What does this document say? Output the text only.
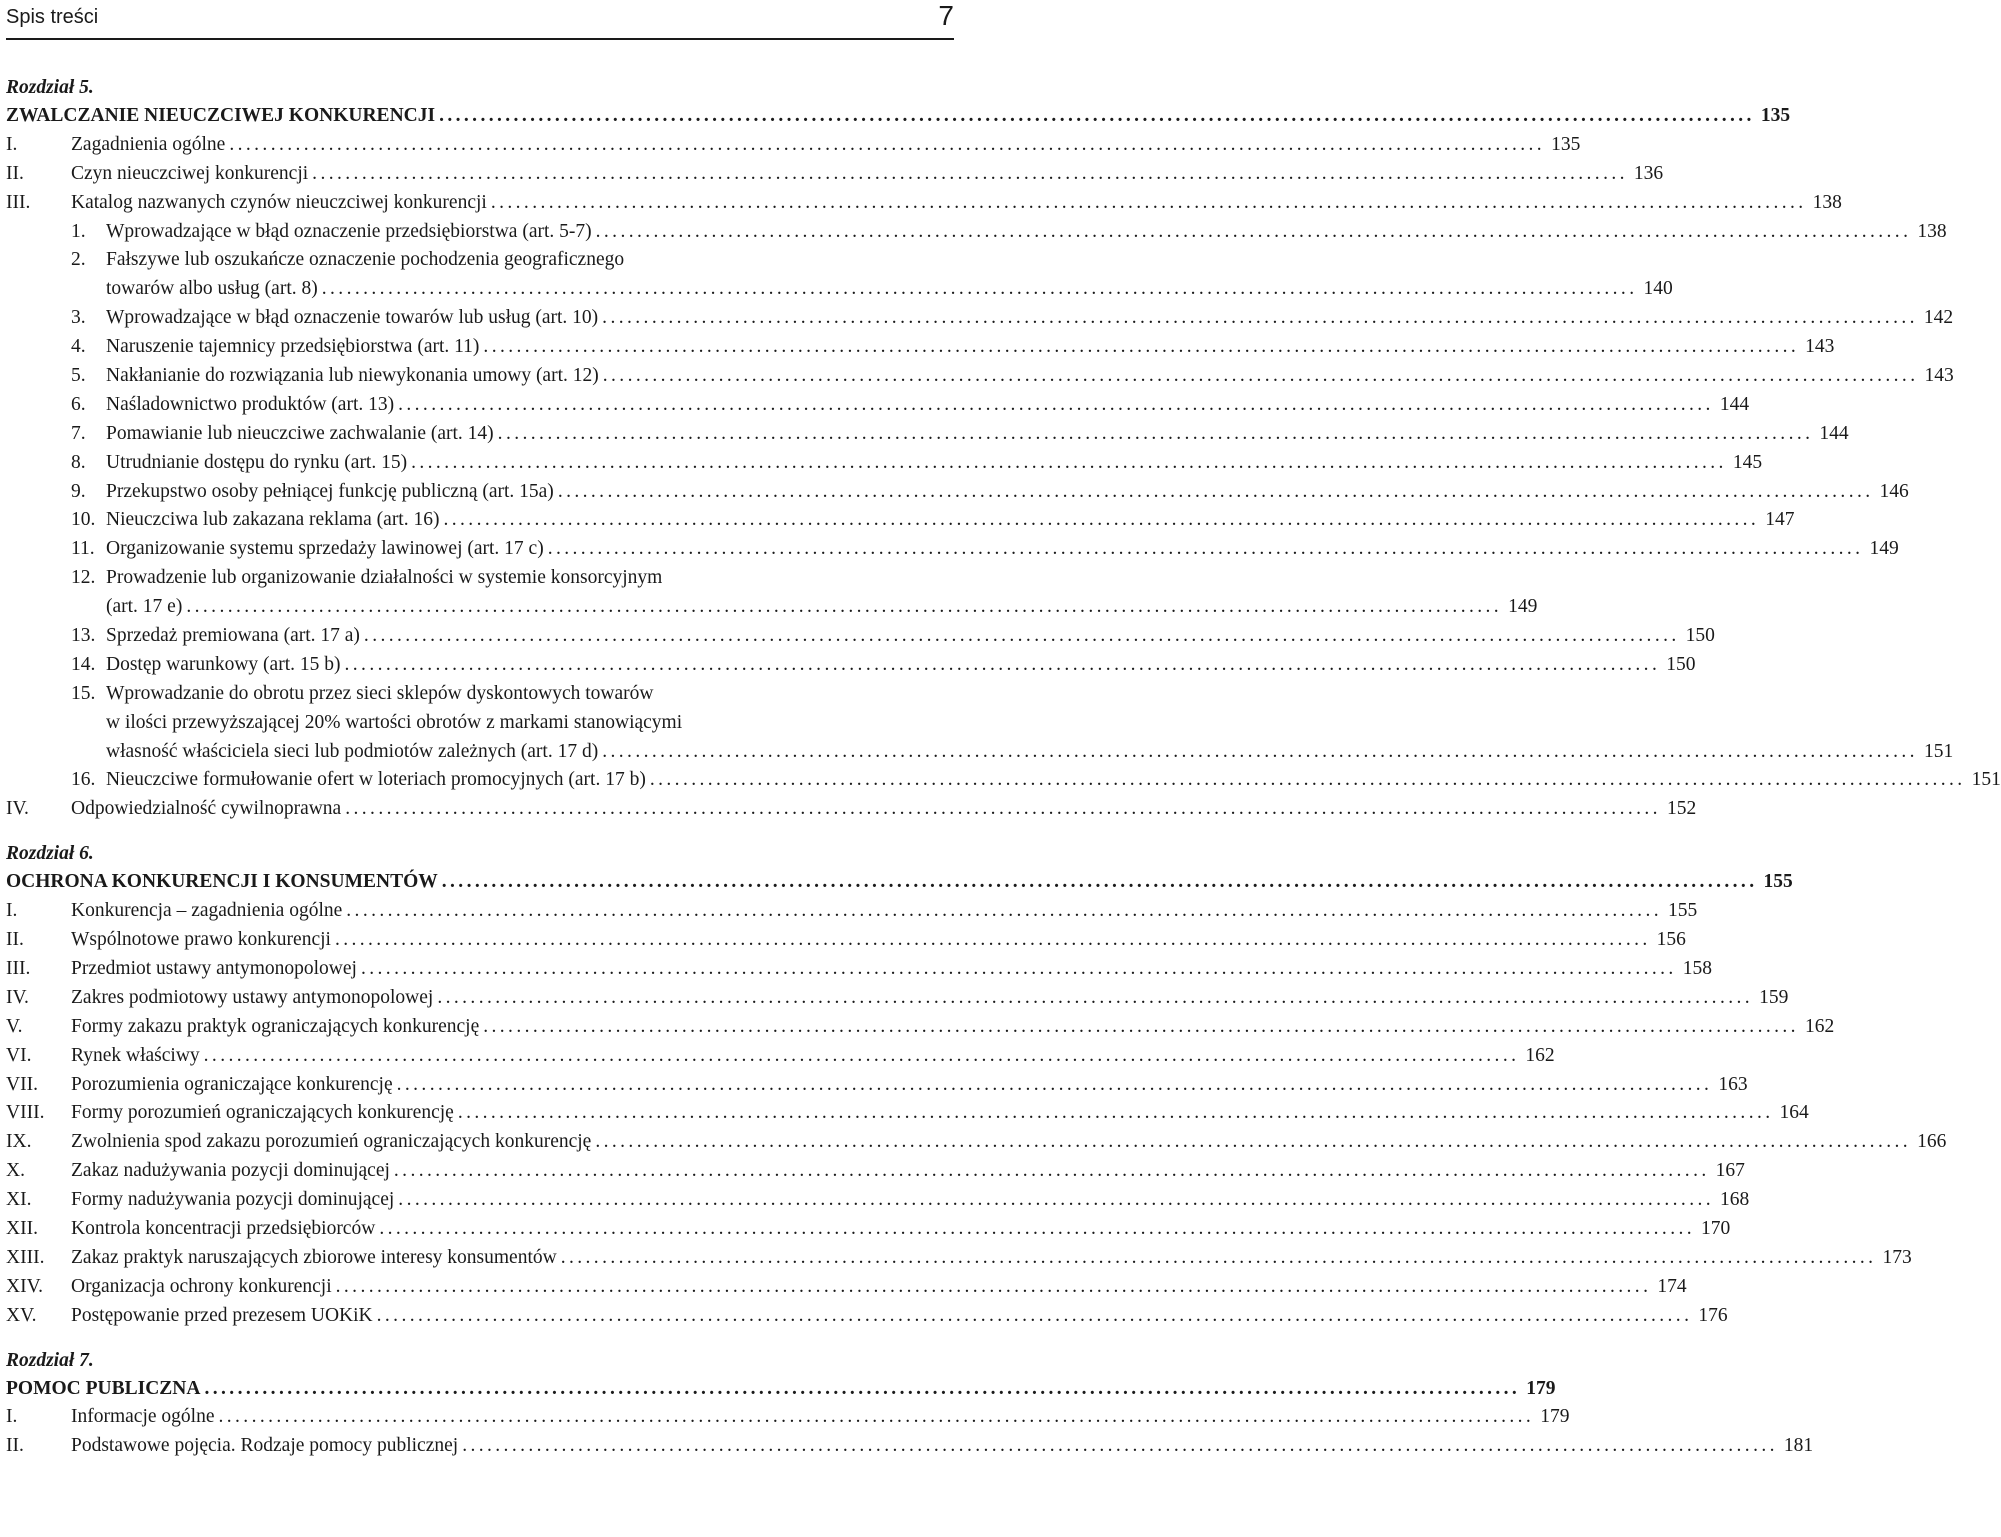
Spis treści	7
Rozdział 5.
ZWALCZANIE NIEUCZCIWEJ KONKURENCJI .....	135
I.	Zagadnienia ogólne .....	135
II. Czyn nieuczciwej konkurencji .....	136
III. Katalog nazwanych czynów nieuczciwej konkurencji .....	138
1. Wprowadzające w błąd oznaczenie przedsiębiorstwa (art. 5-7) .....	138
2. Fałszywe lub oszukańcze oznaczenie pochodzenia geograficznego
towarów albo usług (art. 8) .....	140
3. Wprowadzające w błąd oznaczenie towarów lub usług (art. 10) .....	142
4. Naruszenie tajemnicy przedsiębiorstwa (art. 11) .....	143
5. Nakłanianie do rozwiązania lub niewykonania umowy (art. 12) .....	143
6. Naśladownictwo produktów (art. 13) .....	144
7. Pomawianie lub nieuczciwe zachwalanie (art. 14) .....	144
8. Utrudnianie dostępu do rynku (art. 15) .....	145
9. Przekupstwo osoby pełniącej funkcję publiczną (art. 15a) .....	146
10. Nieuczciwa lub zakazana reklama (art. 16) .....	147
11. Organizowanie systemu sprzedaży lawinowej (art. 17 c) .....	149
12. Prowadzenie lub organizowanie działalności w systemie konsorcyjnym
(art. 17 e) .....	149
13. Sprzedaż premiowana (art. 17 a) .....	150
14. Dostęp warunkowy (art. 15 b) .....	150
15. Wprowadzanie do obrotu przez sieci sklepów dyskontowych towarów
w ilości przewyższającej 20% wartości obrotów z markami stanowiącymi
własność właściciela sieci lub podmiotów zależnych (art. 17 d) .....	151
16. Nieuczciwe formułowanie ofert w loteriach promocyjnych (art. 17 b) .....	151
IV. Odpowiedzialność cywilnoprawna .....	152
Rozdział 6.
OCHRONA KONKURENCJI I KONSUMENTÓW .....	155
I.	Konkurencja – zagadnienia ogólne .....	155
II. Wspólnotowe prawo konkurencji .....	156
III. Przedmiot ustawy antymonopolowej .....	158
IV. Zakres podmiotowy ustawy antymonopolowej .....	159
V. Formy zakazu praktyk ograniczających konkurencję .....	162
VI. Rynek właściwy .....	162
VII. Porozumienia ograniczające konkurencję .....	163
VIII. Formy porozumień ograniczających konkurencję .....	164
IX. Zwolnienia spod zakazu porozumień ograniczających konkurencję .....	166
X. Zakaz nadużywania pozycji dominującej .....	167
XI. Formy nadużywania pozycji dominującej .....	168
XII. Kontrola koncentracji przedsiębiorców .....	170
XIII. Zakaz praktyk naruszających zbiorowe interesy konsumentów .....	173
XIV. Organizacja ochrony konkurencji .....	174
XV. Postępowanie przed prezesem UOKiK .....	176
Rozdział 7.
POMOC PUBLICZNA .....	179
I.	Informacje ogólne .....	179
II. Podstawowe pojęcia. Rodzaje pomocy publicznej .....	181
